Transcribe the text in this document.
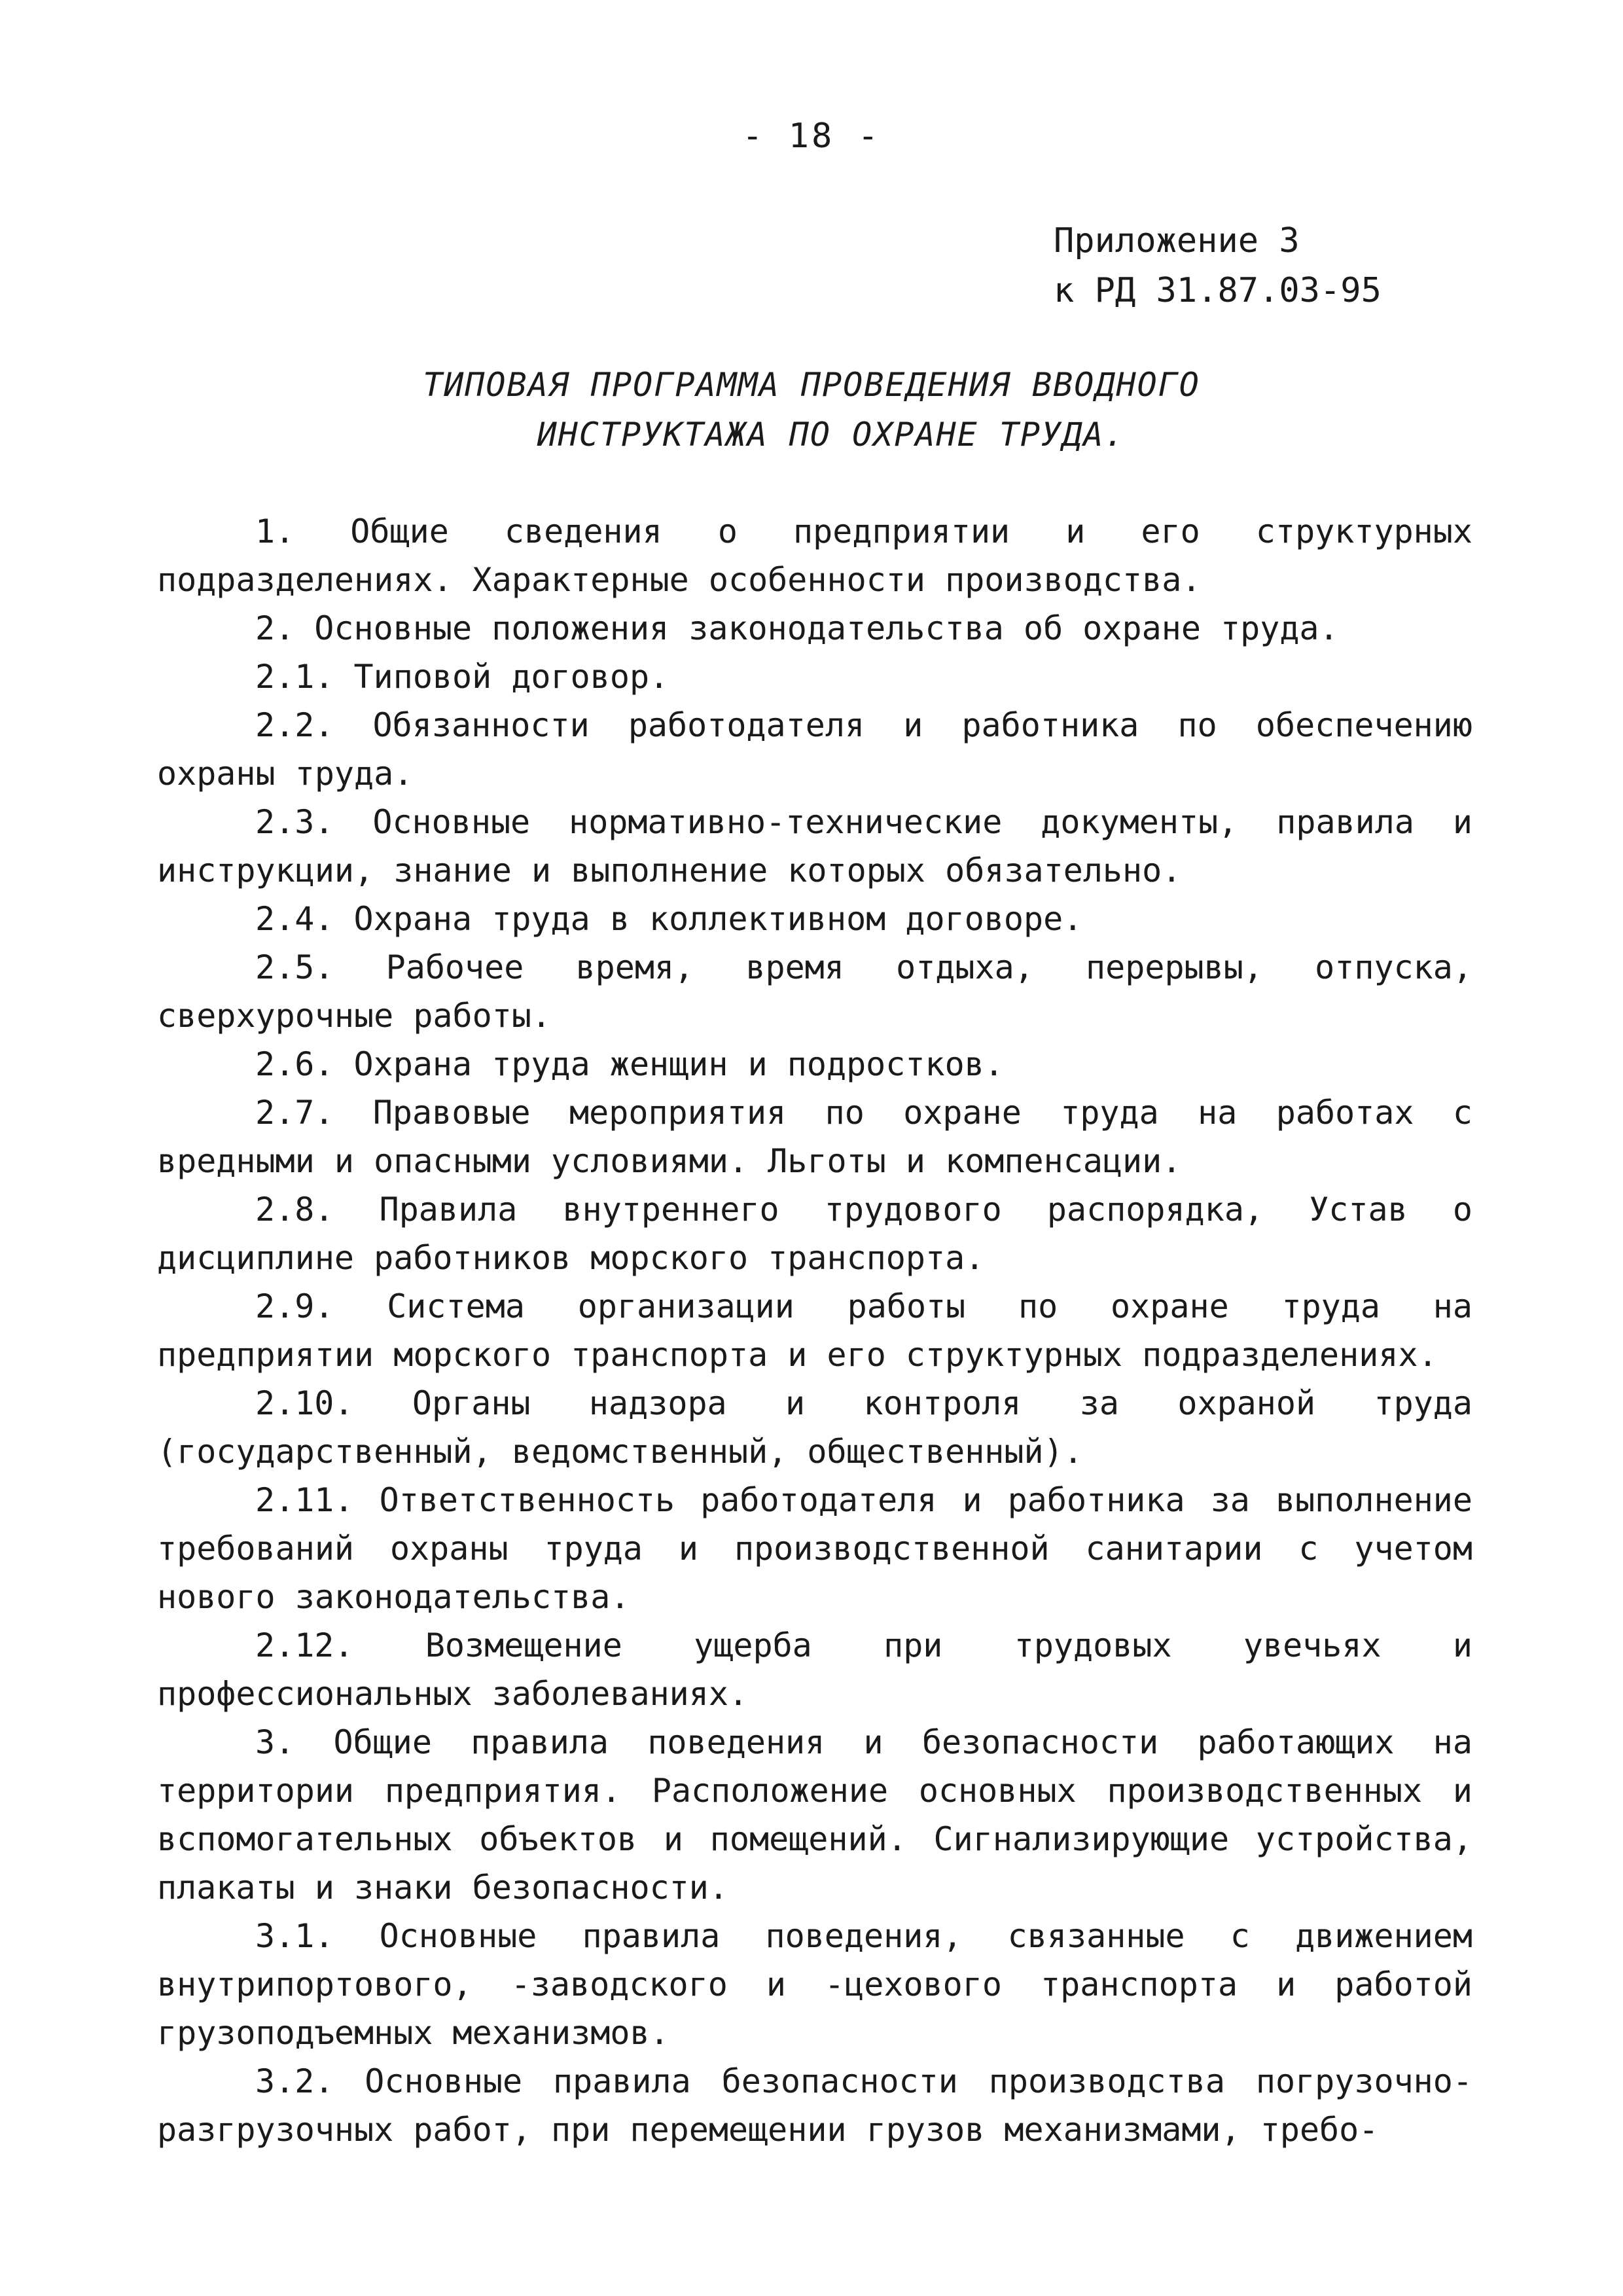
- 18 -
Приложение 3
к РД 31.87.03-95
ТИПОВАЯ ПРОГРАММА ПРОВЕДЕНИЯ ВВОДНОГО
ИНСТРУКТАЖА ПО ОХРАНЕ ТРУДА.

1. Общие сведения о предприятии и его структурных подразделениях. Характерные особенности производства.

2. Основные положения законодательства об охране труда.

2.1. Типовой договор.

2.2. Обязанности работодателя и работника по обеспечению охраны труда.

2.3. Основные нормативно-технические документы, правила и инструкции, знание и выполнение которых обязательно.

2.4. Охрана труда в коллективном договоре.

2.5. Рабочее время, время отдыха, перерывы, отпуска, сверхурочные работы.

2.6. Охрана труда женщин и подростков.

2.7. Правовые мероприятия по охране труда на работах с вредными и опасными условиями. Льготы и компенсации.

2.8. Правила внутреннего трудового распорядка, Устав о дисциплине работников морского транспорта.

2.9. Система организации работы по охране труда на предприятии морского транспорта и его структурных подразделениях.

2.10. Органы надзора и контроля за охраной труда (государственный, ведомственный, общественный).

2.11. Ответственность работодателя и работника за выполнение требований охраны труда и производственной санитарии с учетом нового законодательства.

2.12. Возмещение ущерба при трудовых увечьях и профессиональных заболеваниях.

3. Общие правила поведения и безопасности работающих на территории предприятия. Расположение основных производственных и вспомогательных объектов и помещений. Сигнализирующие устройства, плакаты и знаки безопасности.

3.1. Основные правила поведения, связанные с движением внутрипортового, -заводского и -цехового транспорта и работой грузоподъемных механизмов.

3.2. Основные правила безопасности производства погрузочно-разгрузочных работ, при перемещении грузов механизмами, требо-
